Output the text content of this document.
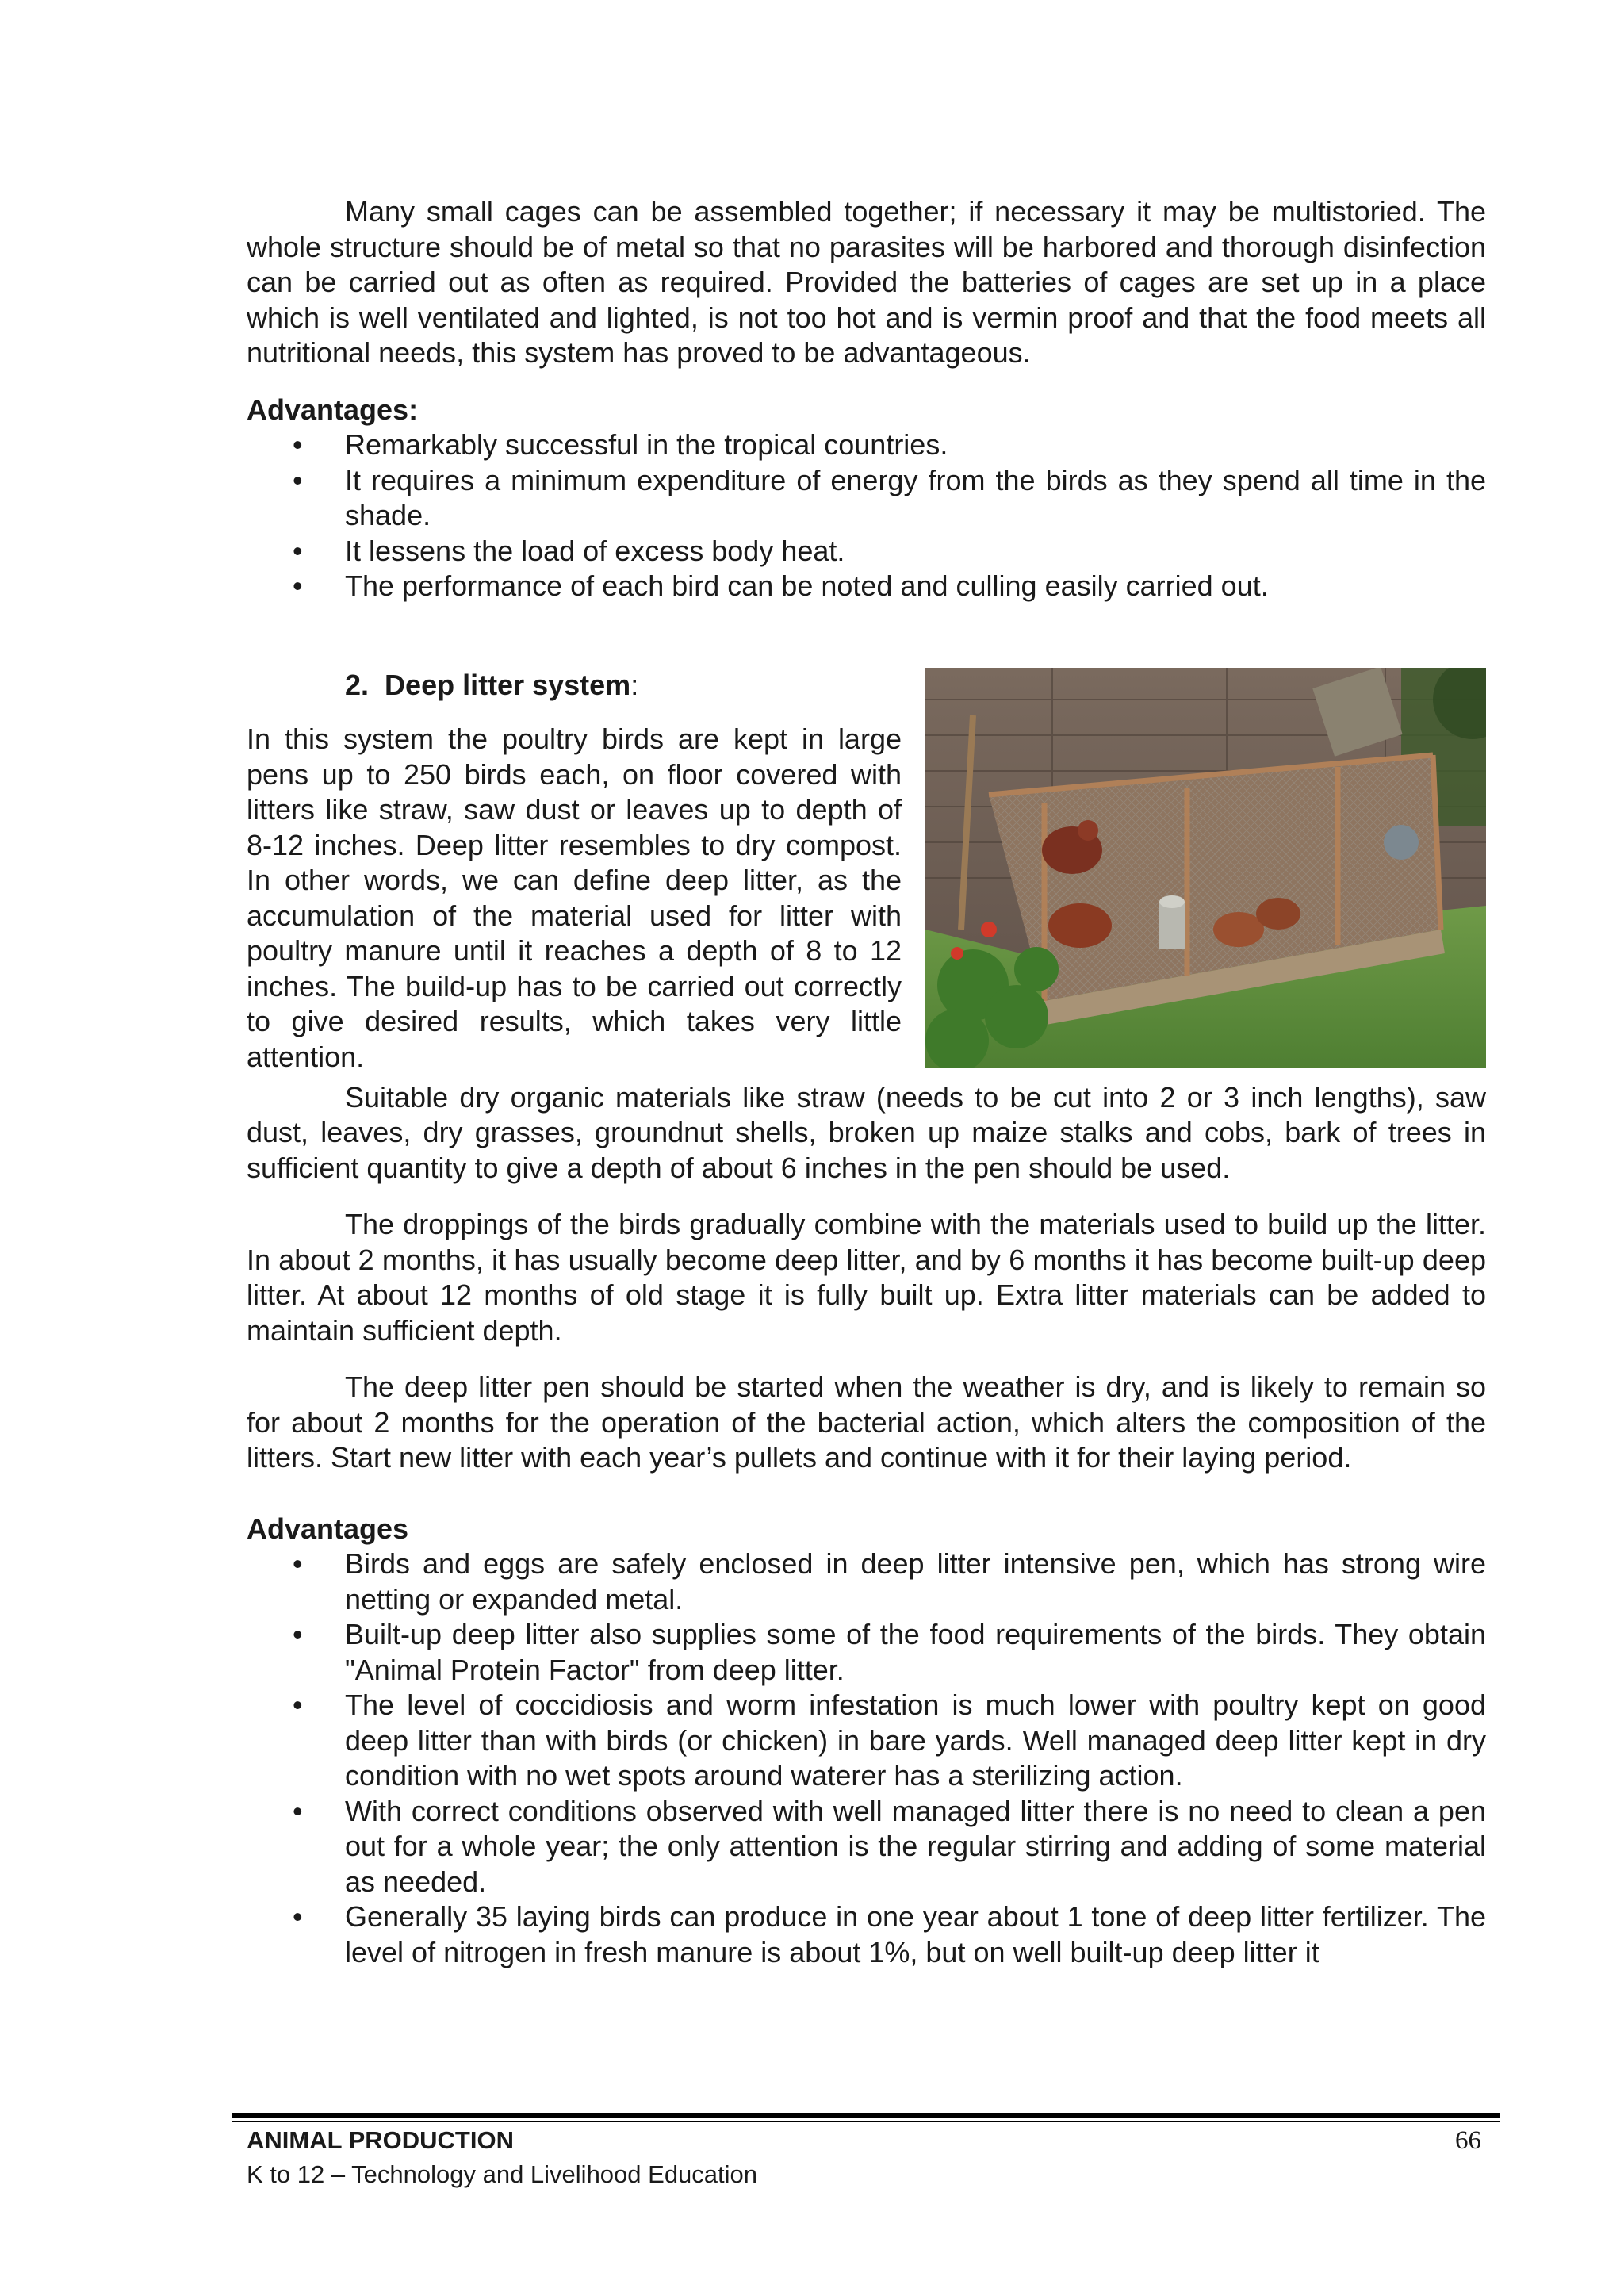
Many small cages can be assembled together; if necessary it may be multistoried. The whole structure should be of metal so that no parasites will be harbored and thorough disinfection can be carried out as often as required. Provided the batteries of cages are set up in a place which is well ventilated and lighted, is not too hot and is vermin proof and that the food meets all nutritional needs, this system has proved to be advantageous.

Advantages:
• Remarkably successful in the tropical countries.
• It requires a minimum expenditure of energy from the birds as they spend all time in the shade.
• It lessens the load of excess body heat.
• The performance of each bird can be noted and culling easily carried out.
2. Deep litter system:

In this system the poultry birds are kept in large pens up to 250 birds each, on floor covered with litters like straw, saw dust or leaves up to depth of 8-12 inches. Deep litter resembles to dry compost. In other words, we can define deep litter, as the accumulation of the material used for litter with poultry manure until it reaches a depth of 8 to 12 inches. The build-up has to be carried out correctly to give desired results, which takes very little attention.

Suitable dry organic materials like straw (needs to be cut into 2 or 3 inch lengths), saw dust, leaves, dry grasses, groundnut shells, broken up maize stalks and cobs, bark of trees in sufficient quantity to give a depth of about 6 inches in the pen should be used.

The droppings of the birds gradually combine with the materials used to build up the litter. In about 2 months, it has usually become deep litter, and by 6 months it has become built-up deep litter. At about 12 months of old stage it is fully built up. Extra litter materials can be added to maintain sufficient depth.

The deep litter pen should be started when the weather is dry, and is likely to remain so for about 2 months for the operation of the bacterial action, which alters the composition of the litters. Start new litter with each year’s pullets and continue with it for their laying period.

Advantages
• Birds and eggs are safely enclosed in deep litter intensive pen, which has strong wire netting or expanded metal.
• Built-up deep litter also supplies some of the food requirements of the birds. They obtain "Animal Protein Factor" from deep litter.
• The level of coccidiosis and worm infestation is much lower with poultry kept on good deep litter than with birds (or chicken) in bare yards. Well managed deep litter kept in dry condition with no wet spots around waterer has a sterilizing action.
• With correct conditions observed with well managed litter there is no need to clean a pen out for a whole year; the only attention is the regular stirring and adding of some material as needed.
• Generally 35 laying birds can produce in one year about 1 tone of deep litter fertilizer. The level of nitrogen in fresh manure is about 1%, but on well built-up deep litter it
ANIMAL PRODUCTION	66
K to 12 – Technology and Livelihood Education
